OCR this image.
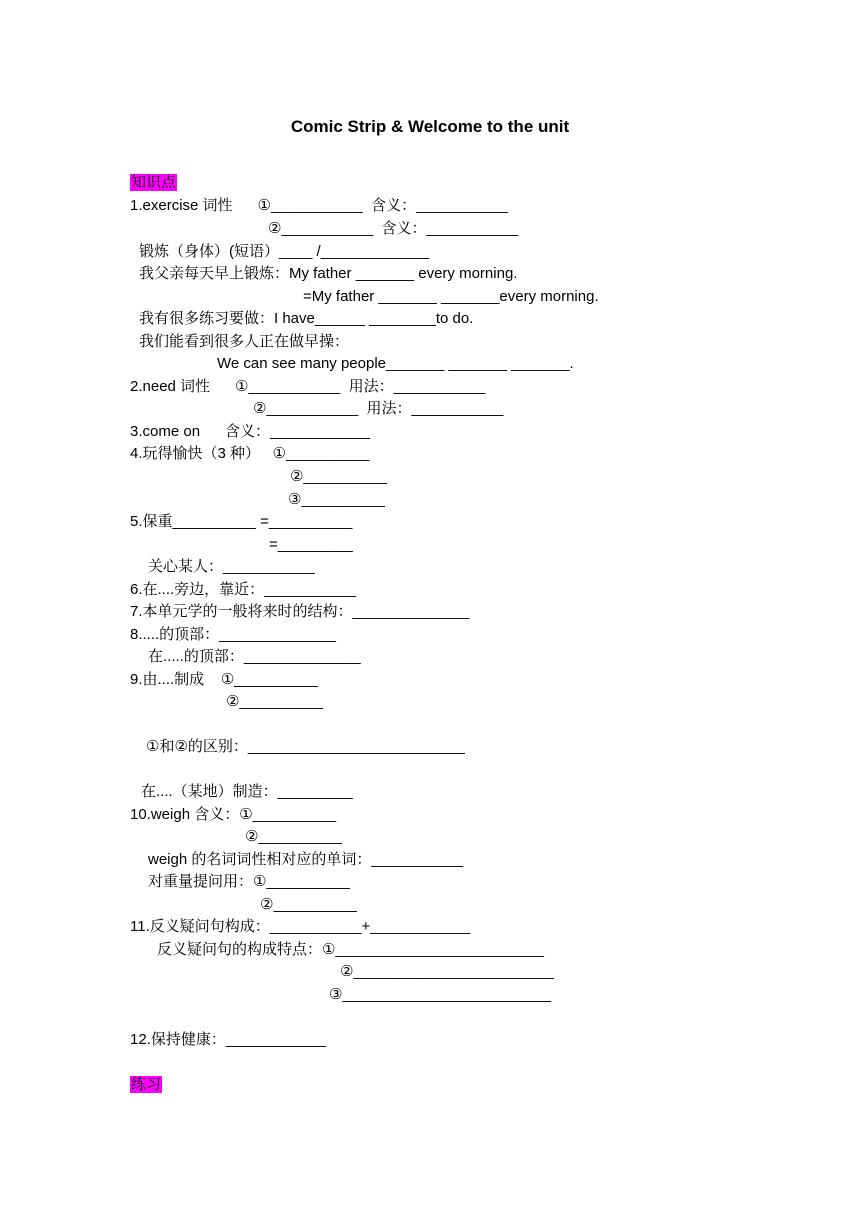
Comic Strip & Welcome to the unit
知识点
1.exercise 词性      ①___________  含义：___________
②___________  含义：___________
锻炼（身体）(短语）____ /_____________
我父亲每天早上锻炼：My father _______ every morning.
=My father _______ _______every morning.
我有很多练习要做：I have______ ________to do.
我们能看到很多人正在做早操：
We can see many people_______ _______ _______.
2.need 词性      ①___________  用法：___________
②___________  用法：___________
3.come on      含义：____________
4.玩得愉快（3 种）   ①__________
②__________
③__________
5.保重__________ =__________
=_________
关心某人：___________
6.在....旁边，靠近：___________
7.本单元学的一般将来时的结构：______________
8.....的顶部：______________
在.....的顶部：______________
9.由....制成    ①__________
②__________
①和②的区别：__________________________
在....（某地）制造：_________
10.weigh 含义：①__________
②__________
weigh 的名词词性相对应的单词：___________
对重量提问用：①__________
②__________
11.反义疑问句构成：___________+____________
反义疑问句的构成特点：①_________________________
②________________________
③_________________________
12.保持健康：____________
练习
